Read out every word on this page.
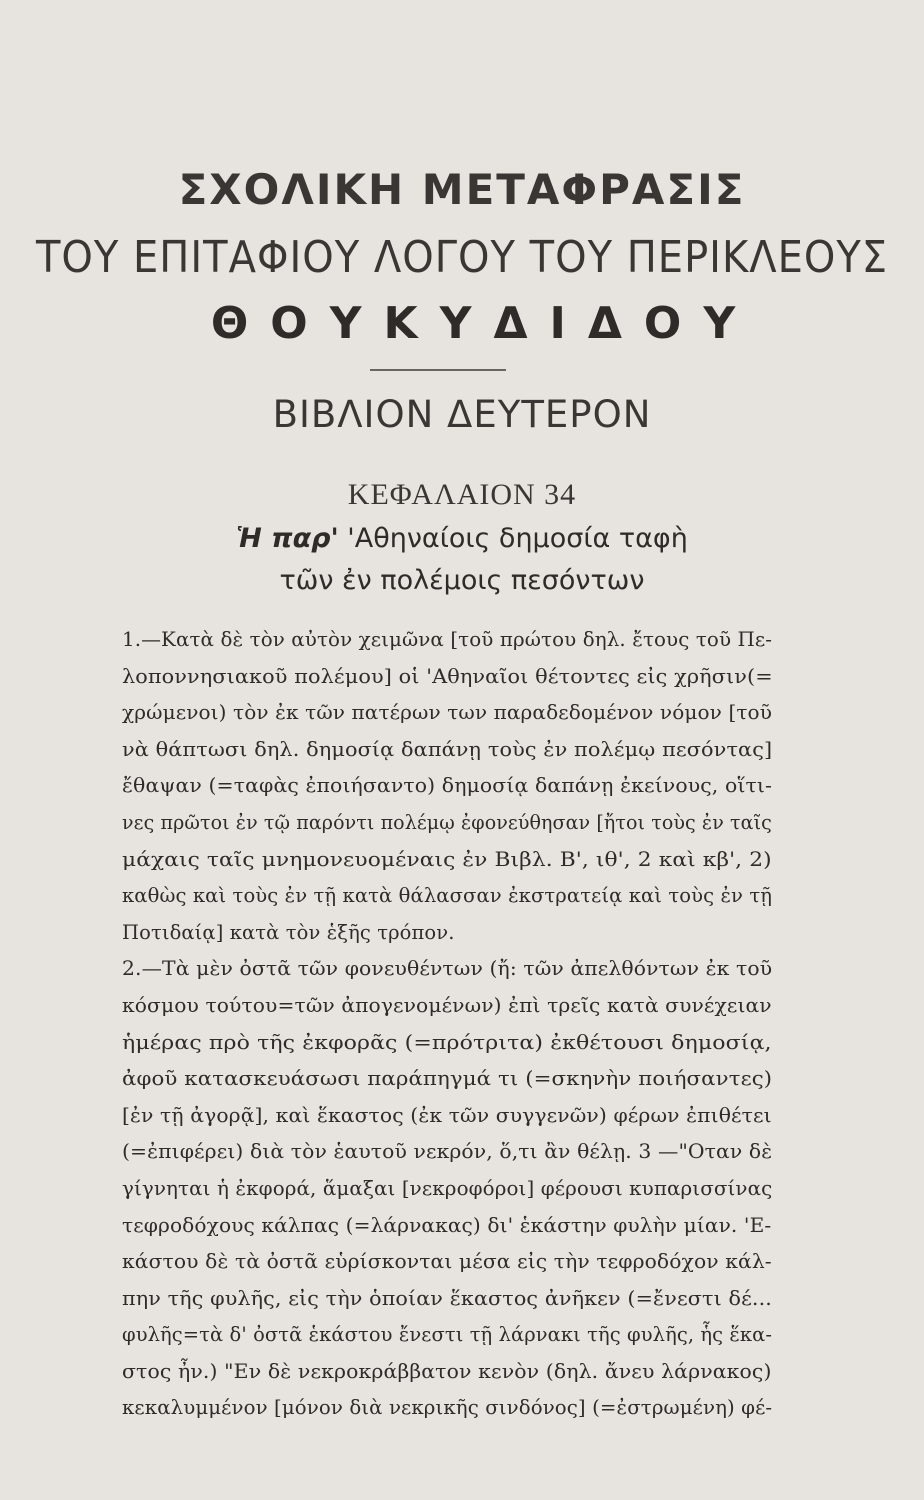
ΣΧΟΛΙΚΗ ΜΕΤΑΦΡΑΣΙΣ
ΤΟΥ ΕΠΙΤΑΦΙΟΥ ΛΟΓΟΥ ΤΟΥ ΠΕΡΙΚΛΕΟΥΣ
ΘΟΥΚΥΔΙΔΟΥ
ΒΙΒΛΙΟΝ ΔΕΥΤΕΡΟΝ
ΚΕΦΑΛΑΙΟΝ 34
Ἡ παρ' 'Αθηναίοις δημοσία ταφὴ
τῶν ἐν πολέμοις πεσόντων
1.—Κατὰ δὲ τὸν αὐτὸν χειμῶνα [τοῦ πρώτου δηλ. ἔτους τοῦ Πε-
λοποννησιακοῦ πολέμου] οἱ 'Αθηναῖοι θέτοντες εἰς χρῆσιν(=
χρώμενοι) τὸν ἐκ τῶν πατέρων των παραδεδομένον νόμον [τοῦ
νὰ θάπτωσι δηλ. δημοσίᾳ δαπάνῃ τοὺς ἐν πολέμῳ πεσόντας]
ἔθαψαν (=ταφὰς ἐποιήσαντο) δημοσίᾳ δαπάνῃ ἐκείνους, οἵτι-
νες πρῶτοι ἐν τῷ παρόντι πολέμῳ ἐφονεύθησαν [ἤτοι τοὺς ἐν ταῖς
μάχαις ταῖς μνημονευομέναις ἐν Βιβλ. Β', ιθ', 2 καὶ κβ', 2)
καθὼς καὶ τοὺς ἐν τῇ κατὰ θάλασσαν ἐκστρατείᾳ καὶ τοὺς ἐν τῇ
Ποτιδαίᾳ] κατὰ τὸν ἑξῆς τρόπον.
2.—Τὰ μὲν ὀστᾶ τῶν φονευθέντων (ἤ: τῶν ἀπελθόντων ἐκ τοῦ
κόσμου τούτου=τῶν ἀπογενομένων) ἐπὶ τρεῖς κατὰ συνέχειαν
ἡμέρας πρὸ τῆς ἐκφορᾶς (=πρότριτα) ἐκθέτουσι δημοσίᾳ,
ἀφοῦ κατασκευάσωσι παράπηγμά τι (=σκηνὴν ποιήσαντες)
[ἐν τῇ ἀγορᾷ], καὶ ἕκαστος (ἐκ τῶν συγγενῶν) φέρων ἐπιθέτει
(=ἐπιφέρει) διὰ τὸν ἑαυτοῦ νεκρόν, ὅ,τι ἂν θέλῃ. 3 —"Οταν δὲ
γίγνηται ἡ ἐκφορά, ἅμαξαι [νεκροφόροι] φέρουσι κυπαρισσίνας
τεφροδόχους κάλπας (=λάρνακας) δι' ἑκάστην φυλὴν μίαν. 'Ε-
κάστου δὲ τὰ ὀστᾶ εὑρίσκονται μέσα εἰς τὴν τεφροδόχον κάλ-
πην τῆς φυλῆς, εἰς τὴν ὁποίαν ἕκαστος ἀνῆκεν (=ἔνεστι δέ...
φυλῆς=τὰ δ' ὀστᾶ ἑκάστου ἔνεστι τῇ λάρνακι τῆς φυλῆς, ἧς ἕκα-
στος ἦν.) "Εν δὲ νεκροκράββατον κενὸν (δηλ. ἄνευ λάρνακος)
κεκαλυμμένον [μόνον διὰ νεκρικῆς σινδόνος] (=ἐστρωμένη) φέ-
